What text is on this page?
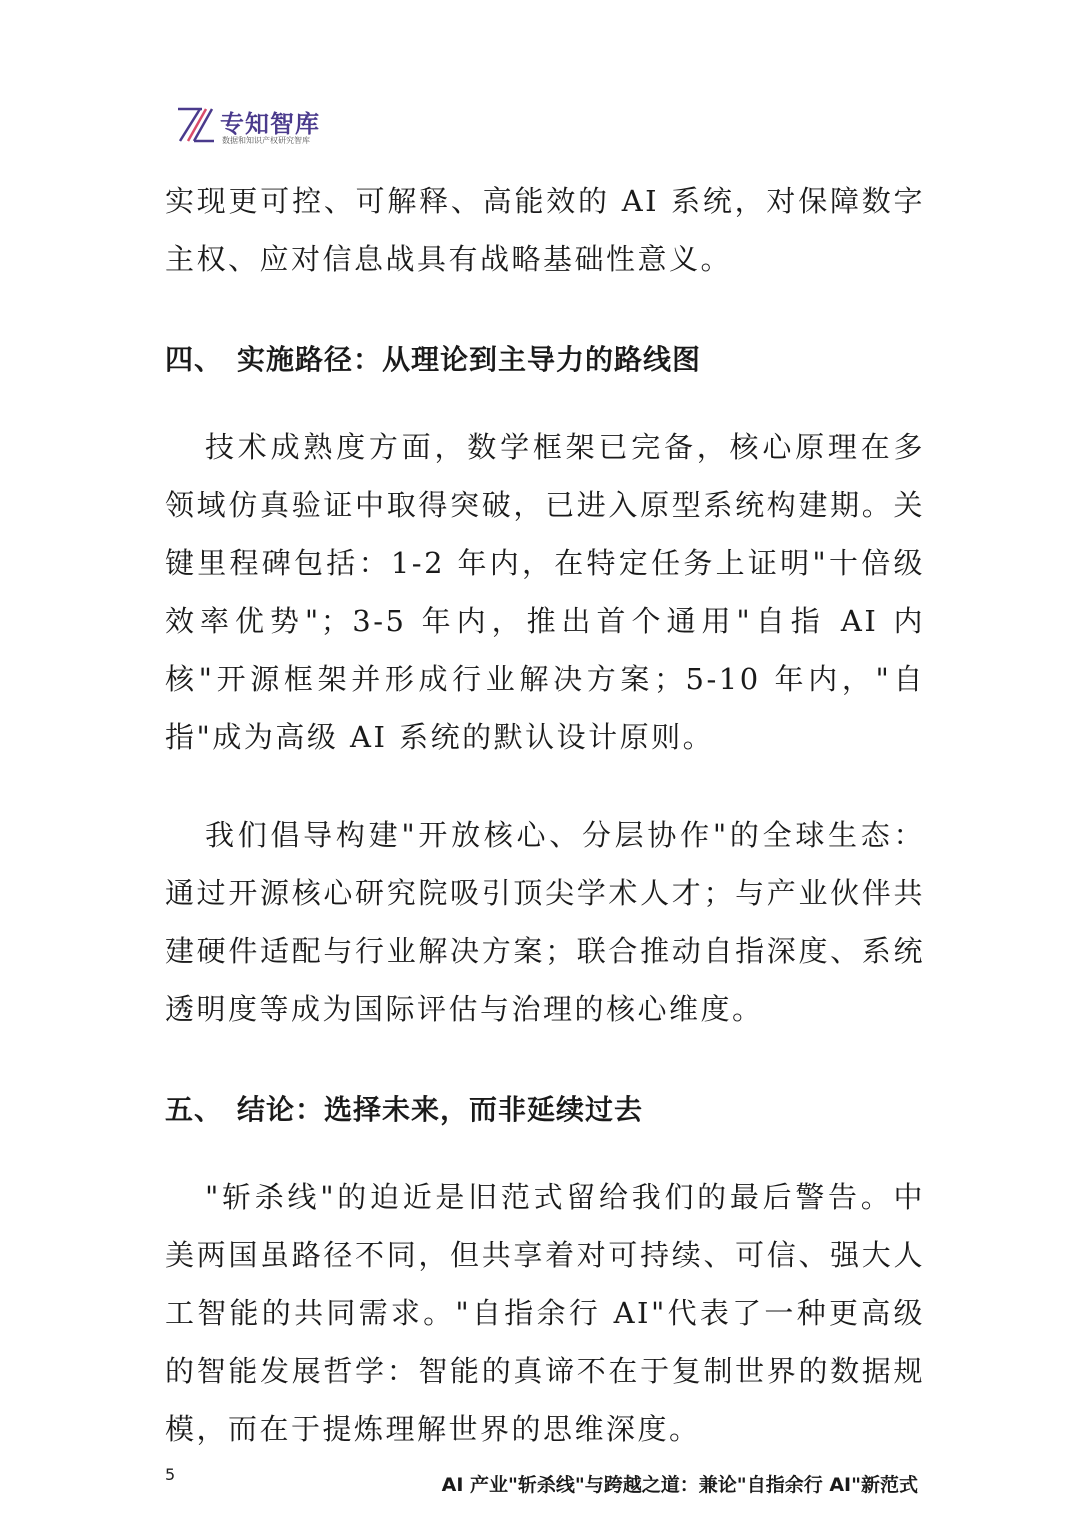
专知智库
数据和知识产权研究智库

实现更可控、可解释、高能效的 AI 系统，对保障数字主权、应对信息战具有战略基础性意义。

四、 实施路径：从理论到主导力的路线图

技术成熟度方面，数学框架已完备，核心原理在多领域仿真验证中取得突破，已进入原型系统构建期。关键里程碑包括：1-2 年内，在特定任务上证明"十倍级效率优势"；3-5 年内，推出首个通用"自指 AI 内核"开源框架并形成行业解决方案；5-10 年内，"自指"成为高级 AI 系统的默认设计原则。

我们倡导构建"开放核心、分层协作"的全球生态：通过开源核心研究院吸引顶尖学术人才；与产业伙伴共建硬件适配与行业解决方案；联合推动自指深度、系统透明度等成为国际评估与治理的核心维度。

五、 结论：选择未来，而非延续过去

"斩杀线"的迫近是旧范式留给我们的最后警告。中美两国虽路径不同，但共享着对可持续、可信、强大人工智能的共同需求。"自指余行 AI"代表了一种更高级的智能发展哲学：智能的真谛不在于复制世界的数据规模，而在于提炼理解世界的思维深度。

5	AI 产业"斩杀线"与跨越之道：兼论"自指余行 AI"新范式
